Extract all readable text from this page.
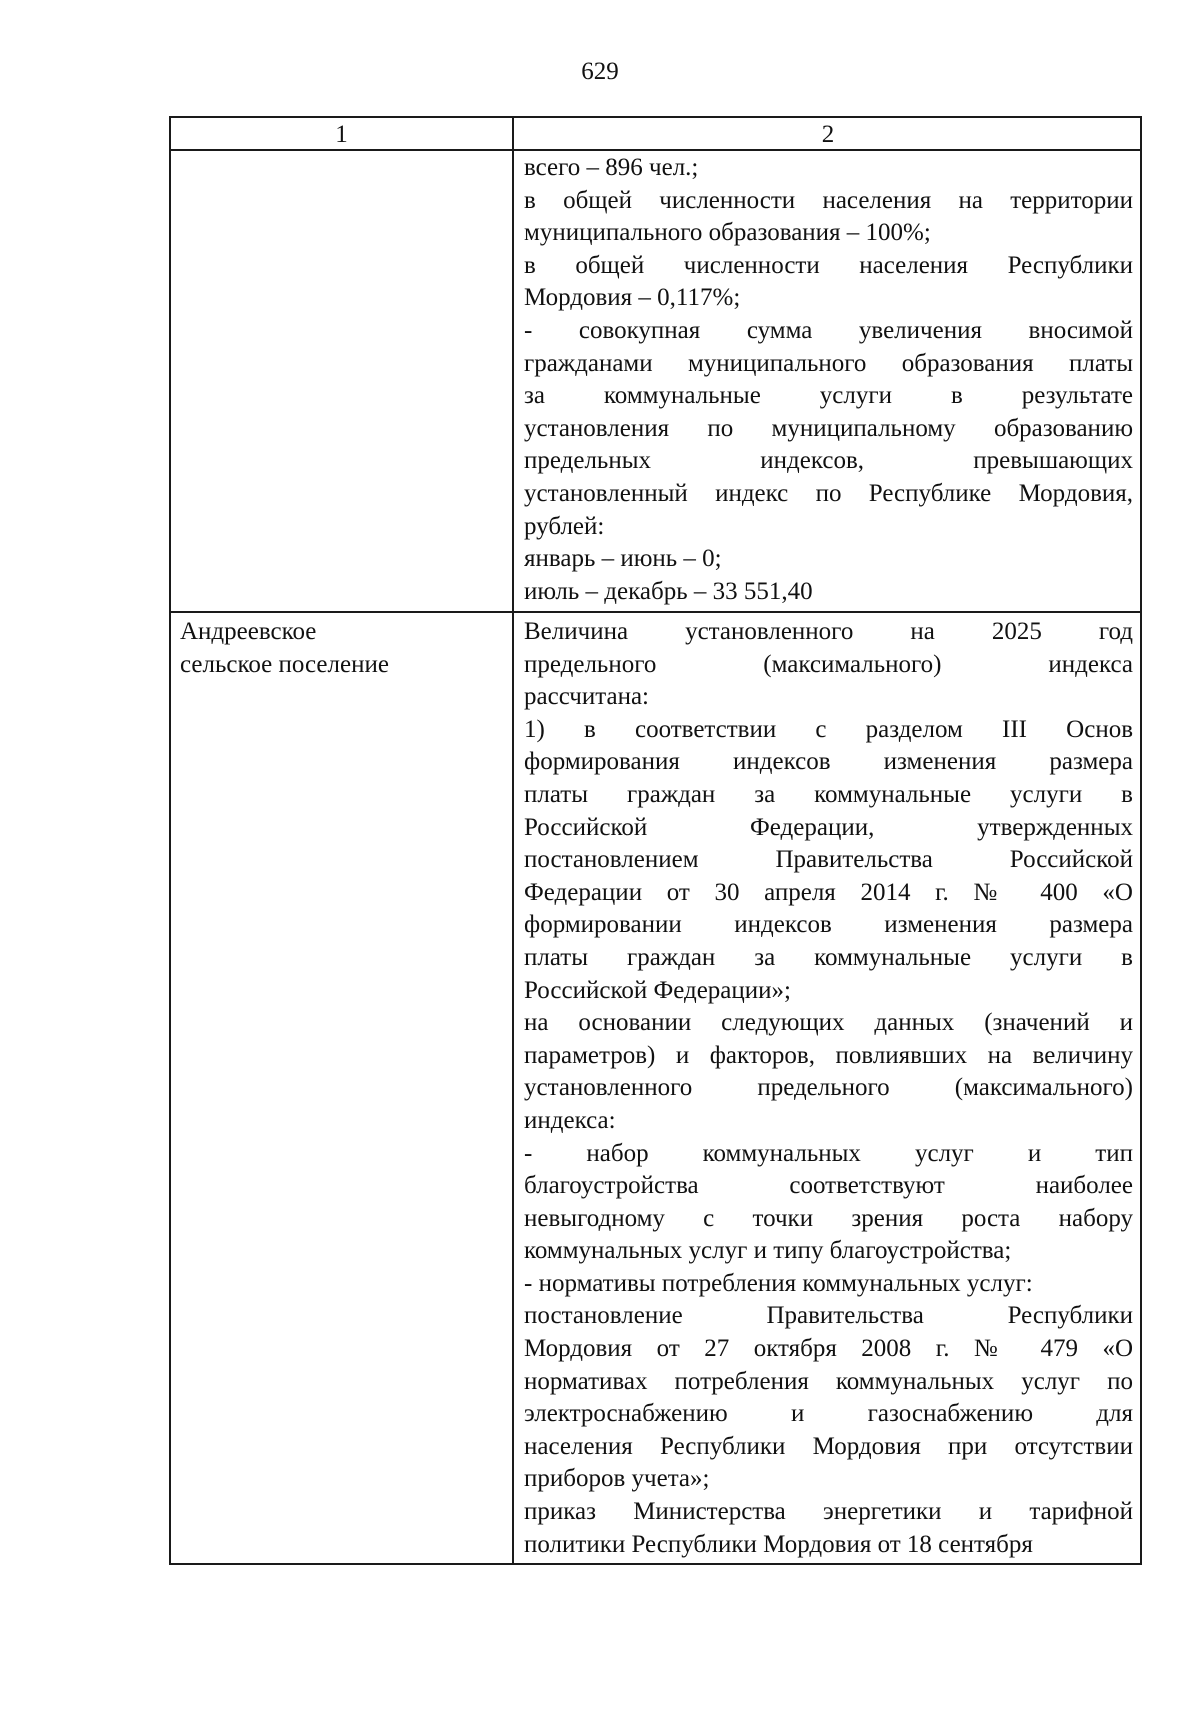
629
1	2
всего – 896 чел.;
в общей численности населения на территории
муниципального образования – 100%;
в общей численности населения Республики
Мордовия – 0,117%;
- совокупная сумма увеличения вносимой
гражданами муниципального образования платы
за коммунальные услуги в результате
установления по муниципальному образованию
предельных индексов, превышающих
установленный индекс по Республике Мордовия,
рублей:
январь – июнь – 0;
июль – декабрь – 33 551,40
Андреевское
сельское поселение
Величина установленного на 2025 год
предельного (максимального) индекса
рассчитана:
1) в соответствии с разделом III Основ
формирования индексов изменения размера
платы граждан за коммунальные услуги в
Российской Федерации, утвержденных
постановлением Правительства Российской
Федерации от 30 апреля 2014 г. № 400 «О
формировании индексов изменения размера
платы граждан за коммунальные услуги в
Российской Федерации»;
на основании следующих данных (значений и
параметров) и факторов, повлиявших на величину
установленного предельного (максимального)
индекса:
- набор коммунальных услуг и тип
благоустройства соответствуют наиболее
невыгодному с точки зрения роста набору
коммунальных услуг и типу благоустройства;
- нормативы потребления коммунальных услуг:
постановление Правительства Республики
Мордовия от 27 октября 2008 г. № 479 «О
нормативах потребления коммунальных услуг по
электроснабжению и газоснабжению для
населения Республики Мордовия при отсутствии
приборов учета»;
приказ Министерства энергетики и тарифной
политики Республики Мордовия от 18 сентября
